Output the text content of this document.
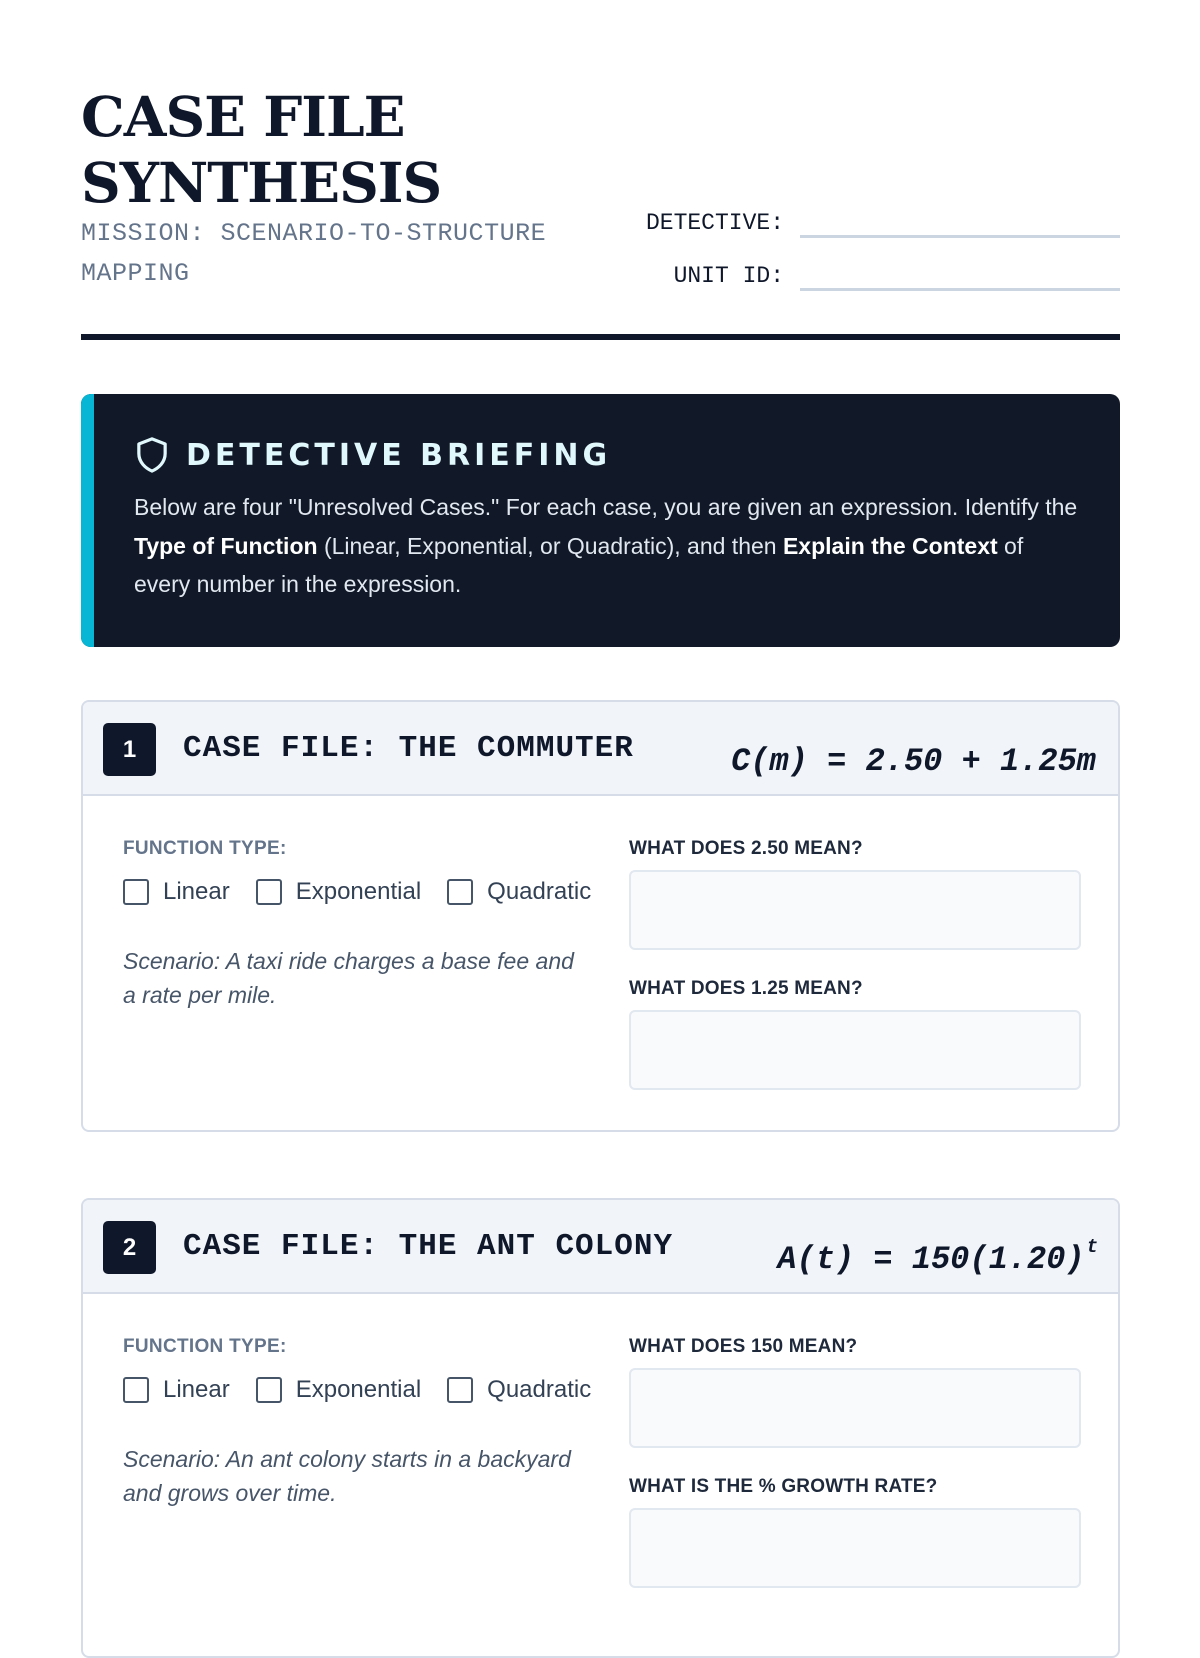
CASE FILE
SYNTHESIS
MISSION: SCENARIO-TO-STRUCTURE MAPPING
DETECTIVE:
UNIT ID:
DETECTIVE BRIEFING
Below are four "Unresolved Cases." For each case, you are given an expression. Identify the Type of Function (Linear, Exponential, or Quadratic), and then Explain the Context of every number in the expression.
1	CASE FILE: THE COMMUTER	C(m) = 2.50 + 1.25m
FUNCTION TYPE:
Linear	Exponential	Quadratic
Scenario: A taxi ride charges a base fee and a rate per mile.
WHAT DOES 2.50 MEAN?
WHAT DOES 1.25 MEAN?
2	CASE FILE: THE ANT COLONY	A(t) = 150(1.20) $^t$
FUNCTION TYPE:
Linear	Exponential	Quadratic
Scenario: An ant colony starts in a backyard and grows over time.
WHAT DOES 150 MEAN?
WHAT IS THE % GROWTH RATE?
